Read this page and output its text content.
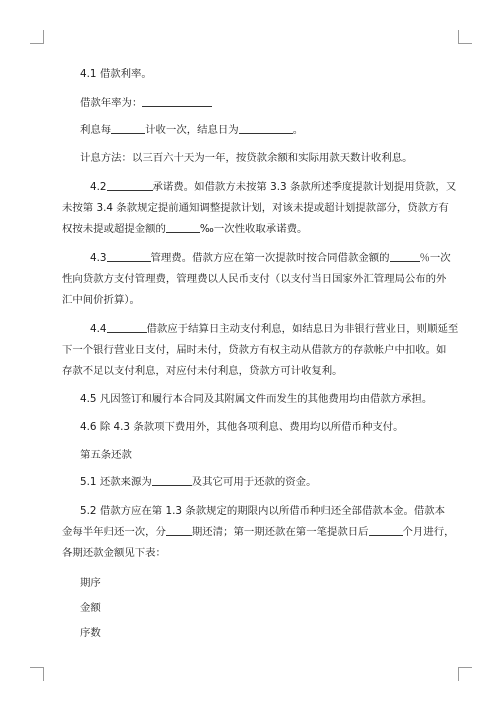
4.1 借款利率。
借款年率为：
利息每	计收一次，结息日为	。
计息方法：以三百六十天为一年，按贷款余额和实际用款天数计收利息。
4.2	承诺费。如借款方未按第 3.3 条款所述季度提款计划提用贷款，又
未按第 3.4 条款规定提前通知调整提款计划，对该未提或超计划提款部分，贷款方有
权按未提或超提金额的	‰一次性收取承诺费。
4.3	管理费。借款方应在第一次提款时按合同借款金额的	％一次
性向贷款方支付管理费，管理费以人民币支付（以支付当日国家外汇管理局公布的外
汇中间价折算）。
4.4	借款应于结算日主动支付利息，如结息日为非银行营业日，则顺延至
下一个银行营业日支付，届时未付，贷款方有权主动从借款方的存款帐户中扣收。如
存款不足以支付利息，对应付未付利息，贷款方可计收复利。
4.5 凡因签订和履行本合同及其附属文件而发生的其他费用均由借款方承担。
4.6 除 4.3 条款项下费用外，其他各项利息、费用均以所借币种支付。
第五条还款
5.1 还款来源为	及其它可用于还款的资金。
5.2 借款方应在第 1.3 条款规定的期限内以所借币种归还全部借款本金。借款本
金每半年归还一次，分	期还清；第一期还款在第一笔提款日后	个月进行，
各期还款金额见下表：
期序
金额
序数
